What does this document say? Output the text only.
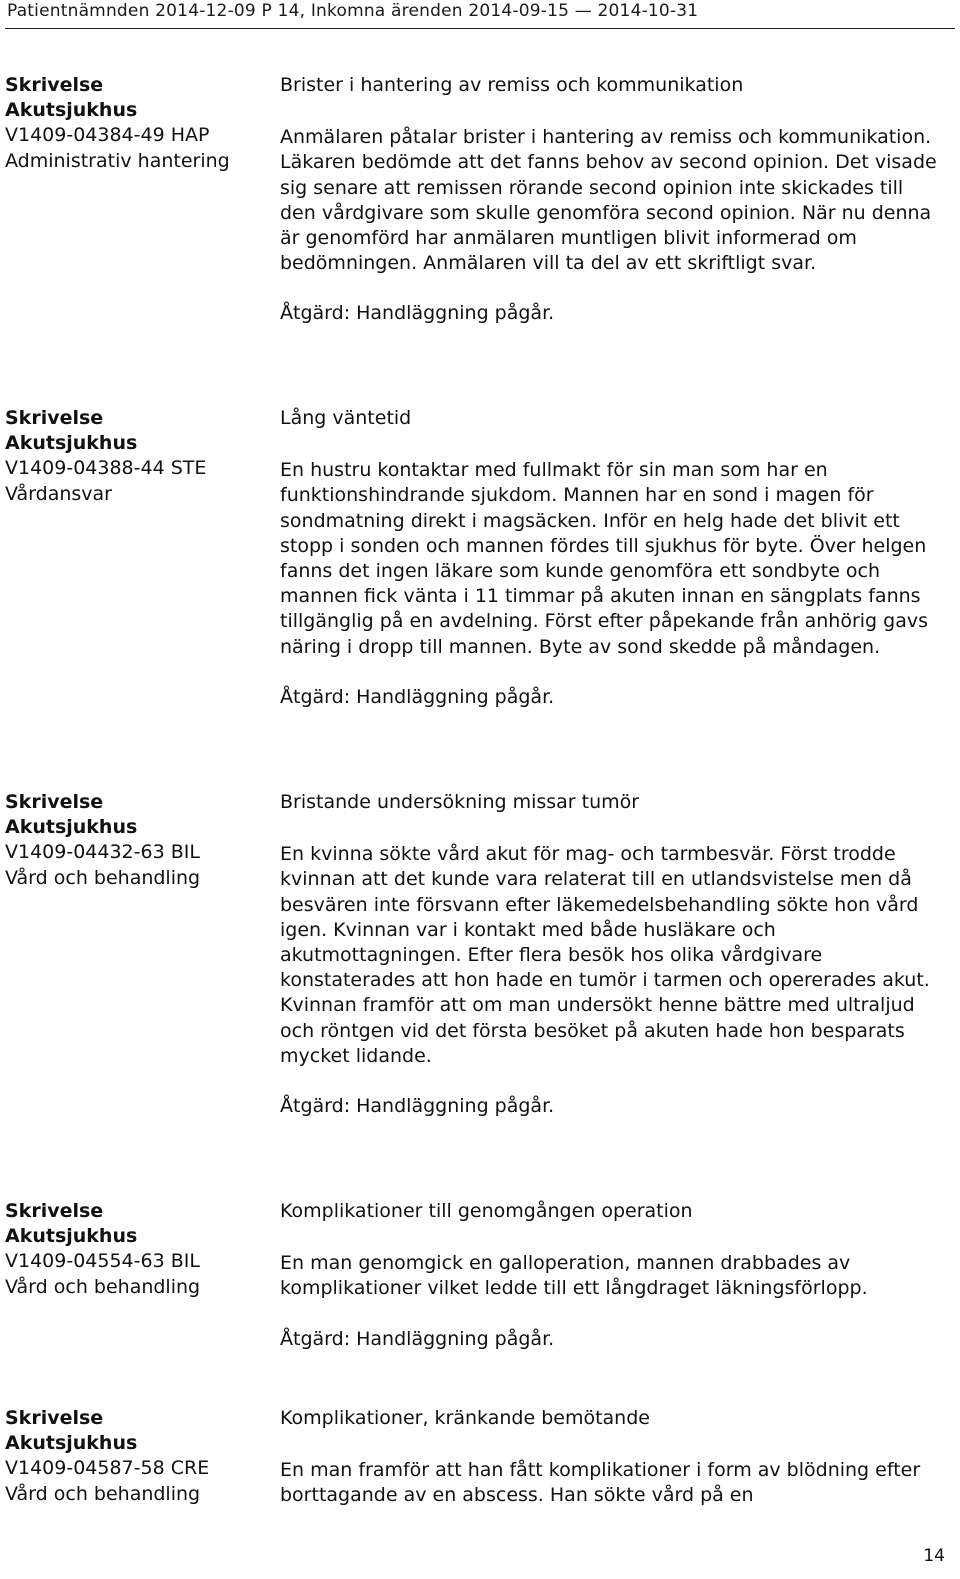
Patientnämnden 2014-12-09 P 14, Inkomna ärenden 2014-09-15 — 2014-10-31
Skrivelse
Akutsjukhus
V1409-04384-49 HAP
Administrativ hantering
Brister i hantering av remiss och kommunikation
Anmälaren påtalar brister i hantering av remiss och kommunikation. Läkaren bedömde att det fanns behov av second opinion. Det visade sig senare att remissen rörande second opinion inte skickades till den vårdgivare som skulle genomföra second opinion. När nu denna är genomförd har anmälaren muntligen blivit informerad om bedömningen. Anmälaren vill ta del av ett skriftligt svar.
Åtgärd: Handläggning pågår.
Skrivelse
Akutsjukhus
V1409-04388-44 STE
Vårdansvar
Lång väntetid
En hustru kontaktar med fullmakt för sin man som har en funktionshindrande sjukdom. Mannen har en sond i magen för sondmatning direkt i magsäcken. Inför en helg hade det blivit ett stopp i sonden och mannen fördes till sjukhus för byte. Över helgen fanns det ingen läkare som kunde genomföra ett sondbyte och mannen fick vänta i 11 timmar på akuten innan en sängplats fanns tillgänglig på en avdelning. Först efter påpekande från anhörig gavs näring i dropp till mannen. Byte av sond skedde på måndagen.
Åtgärd: Handläggning pågår.
Skrivelse
Akutsjukhus
V1409-04432-63 BIL
Vård och behandling
Bristande undersökning missar tumör
En kvinna sökte vård akut för mag- och tarmbesvär. Först trodde kvinnan att det kunde vara relaterat till en utlandsvistelse men då besvären inte försvann efter läkemedelsbehandling sökte hon vård igen. Kvinnan var i kontakt med både husläkare och akutmottagningen. Efter flera besök hos olika vårdgivare konstaterades att hon hade en tumör i tarmen och opererades akut. Kvinnan framför att om man undersökt henne bättre med ultraljud och röntgen vid det första besöket på akuten hade hon besparats mycket lidande.
Åtgärd: Handläggning pågår.
Skrivelse
Akutsjukhus
V1409-04554-63 BIL
Vård och behandling
Komplikationer till genomgången operation
En man genomgick en galloperation, mannen drabbades av komplikationer vilket ledde till ett långdraget läkningsförlopp.
Åtgärd: Handläggning pågår.
Skrivelse
Akutsjukhus
V1409-04587-58 CRE
Vård och behandling
Komplikationer, kränkande bemötande
En man framför att han fått komplikationer i form av blödning efter borttagande av en abscess. Han sökte vård på en
14
